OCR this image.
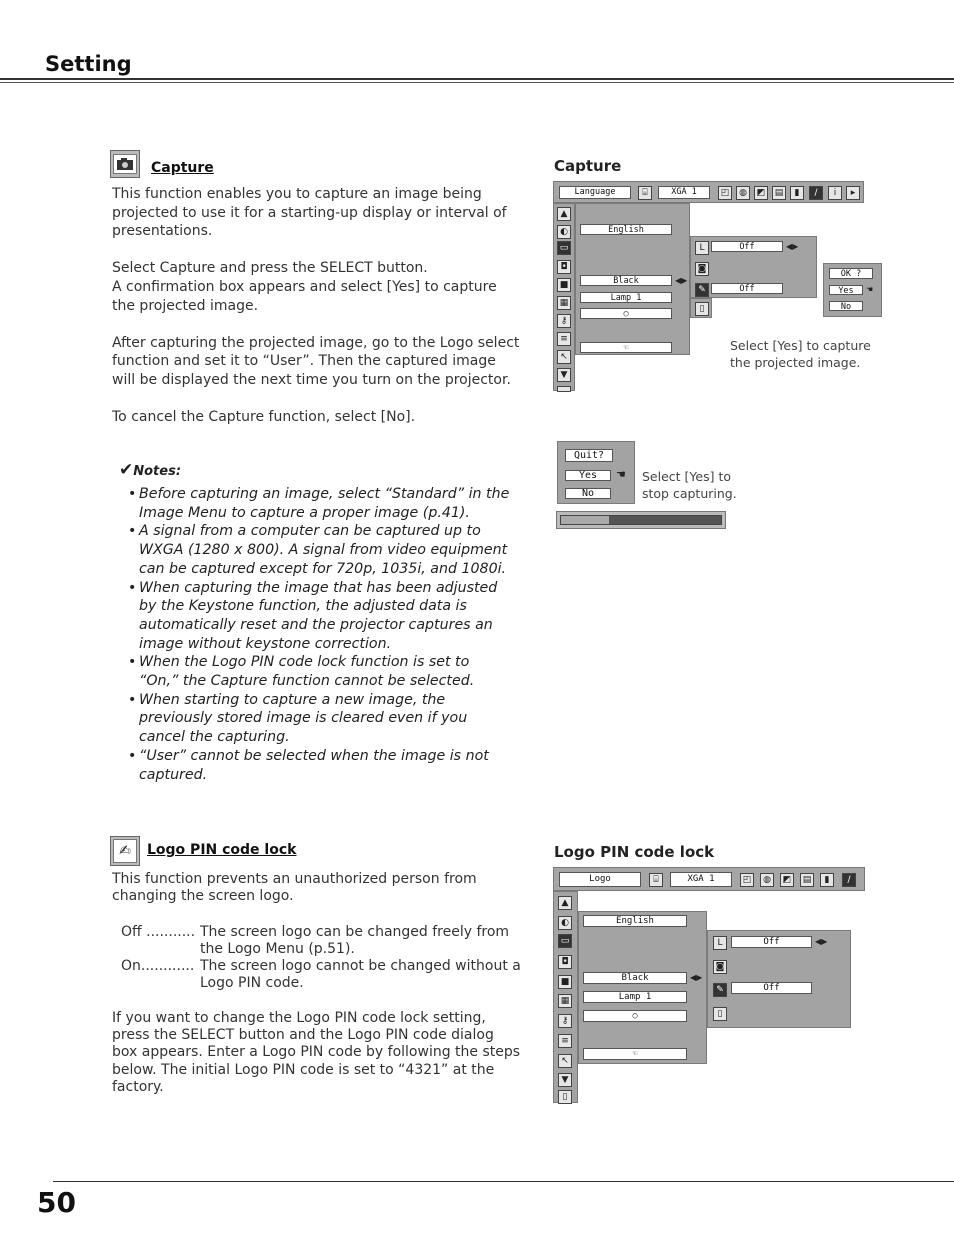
Setting
Capture

This function enables you to capture an image being projected to use it for a starting-up display or interval of presentations.

Select Capture and press the SELECT button.

A confirmation box appears and select [Yes] to capture the projected image.

After capturing the projected image, go to the Logo select function and set it to “User”. Then the captured image will be displayed the next time you turn on the projector.

To cancel the Capture function, select [No].

✔Notes:
• Before capturing an image, select “Standard” in the Image Menu to capture a proper image (p.41).
• A signal from a computer can be captured up to WXGA (1280 x 800). A signal from video equipment can be captured except for 720p, 1035i, and 1080i.
• When capturing the image that has been adjusted by the Keystone function, the adjusted data is automatically reset and the projector captures an image without keystone correction.
• When the Logo PIN code lock function is set to “On,” the Capture function cannot be selected.
• When starting to capture a new image, the previously stored image is cleared even if you cancel the capturing.
• “User” cannot be selected when the image is not captured.
Capture
Language	⌸	XGA 1	◰	◍	◩	▤	▮	/	i	▸
▲
◐
▭
◘
■
▦
⚷
≡
↖
▼
English
Black	◀▶
Lamp 1
○
☜
L	Off	◀▶
◙
✎	Off
▯
OK ?
Yes	☚
No
Select [Yes] to capture the projected image.
Quit?
Yes	☚
No
Select [Yes] to stop capturing.
✍	Logo PIN code lock
This function prevents an unauthorized person from changing the screen logo.
Off ........... The screen logo can be changed freely from the Logo Menu (p.51).
On............ The screen logo cannot be changed without a Logo PIN code.
If you want to change the Logo PIN code lock setting, press the SELECT button and the Logo PIN code dialog box appears. Enter a Logo PIN code by following the steps below. The initial Logo PIN code is set to “4321” at the factory.
Logo PIN code lock
Logo	⌸	XGA 1	◰	◍	◩	▤	▮	/
▲
◐
▭
◘
■
▦
⚷
≡
↖
▼
▯
English
Black	◀▶
Lamp 1
○
☜
L	Off	◀▶
◙
✎	Off
▯
50
